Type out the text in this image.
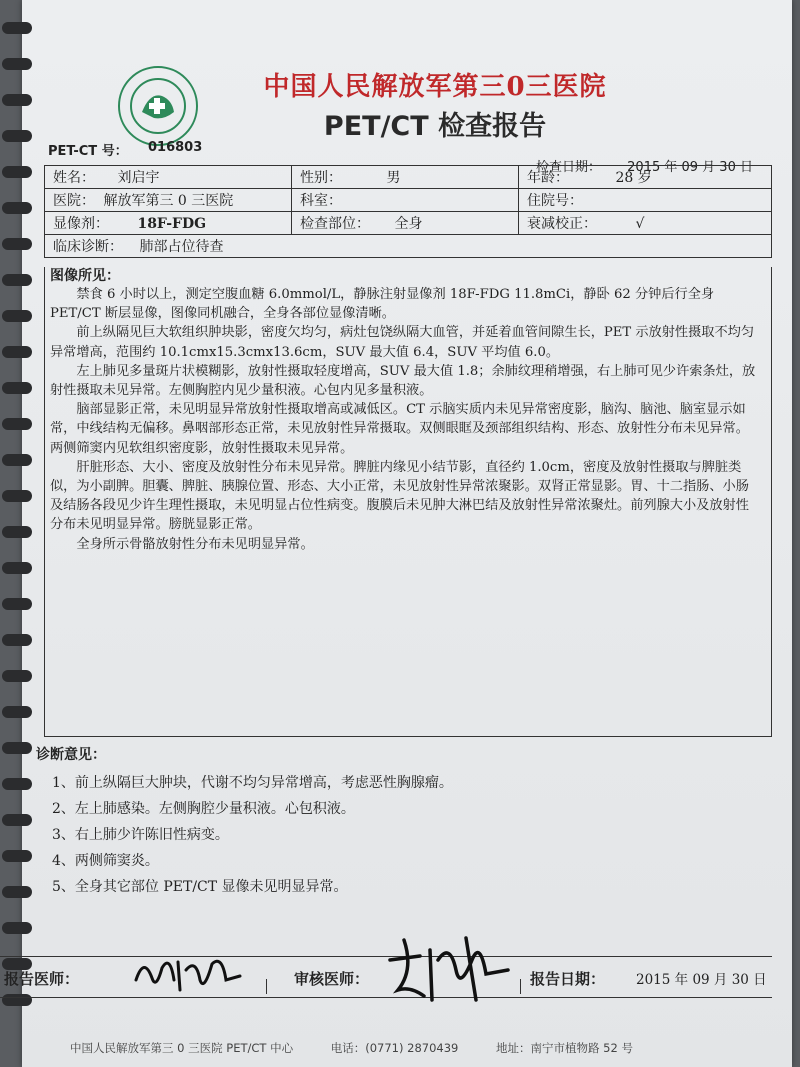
中国人民解放军第三0三医院
PET/CT 检查报告
PET-CT 号： 016803
检查日期： 2015 年 09 月 30 日
姓名： 刘启宇	性别： 男	年龄： 28 岁
医院： 解放军第三 0 三医院	科室：	住院号：
显像剂： 18F-FDG	检查部位： 全身	衰减校正： √
临床诊断： 肺部占位待查		
图像所见：

禁食 6 小时以上，测定空腹血糖 6.0mmol/L，静脉注射显像剂 18F-FDG 11.8mCi，静卧 62 分钟后行全身 PET/CT 断层显像，图像同机融合，全身各部位显像清晰。

前上纵隔见巨大软组织肿块影，密度欠均匀，病灶包饶纵隔大血管，并延着血管间隙生长，PET 示放射性摄取不均匀异常增高，范围约 10.1cmx15.3cmx13.6cm，SUV 最大值 6.4，SUV 平均值 6.0。

左上肺见多量斑片状模糊影，放射性摄取轻度增高，SUV 最大值 1.8；余肺纹理稍增强，右上肺可见少许索条灶，放射性摄取未见异常。左侧胸腔内见少量积液。心包内见多量积液。

脑部显影正常，未见明显异常放射性摄取增高或减低区。CT 示脑实质内未见异常密度影，脑沟、脑池、脑室显示如常，中线结构无偏移。鼻咽部形态正常，未见放射性异常摄取。双侧眼眶及颈部组织结构、形态、放射性分布未见异常。两侧筛窦内见软组织密度影，放射性摄取未见异常。

肝脏形态、大小、密度及放射性分布未见异常。脾脏内缘见小结节影，直径约 1.0cm，密度及放射性摄取与脾脏类似，为小副脾。胆囊、脾脏、胰腺位置、形态、大小正常，未见放射性异常浓聚影。双肾正常显影。胃、十二指肠、小肠及结肠各段见少许生理性摄取，未见明显占位性病变。腹膜后未见肿大淋巴结及放射性异常浓聚灶。前列腺大小及放射性分布未见明显异常。膀胱显影正常。

全身所示骨骼放射性分布未见明显异常。

诊断意见：
1、前上纵隔巨大肿块，代谢不均匀异常增高，考虑恶性胸腺瘤。
2、左上肺感染。左侧胸腔少量积液。心包积液。
3、右上肺少许陈旧性病变。
4、两侧筛窦炎。
5、全身其它部位 PET/CT 显像未见明显异常。
报告医师：	审核医师：	报告日期： 2015 年 09 月 30 日
中国人民解放军第三 0 三医院 PET/CT 中心	电话：(0771) 2870439	地址：南宁市植物路 52 号
